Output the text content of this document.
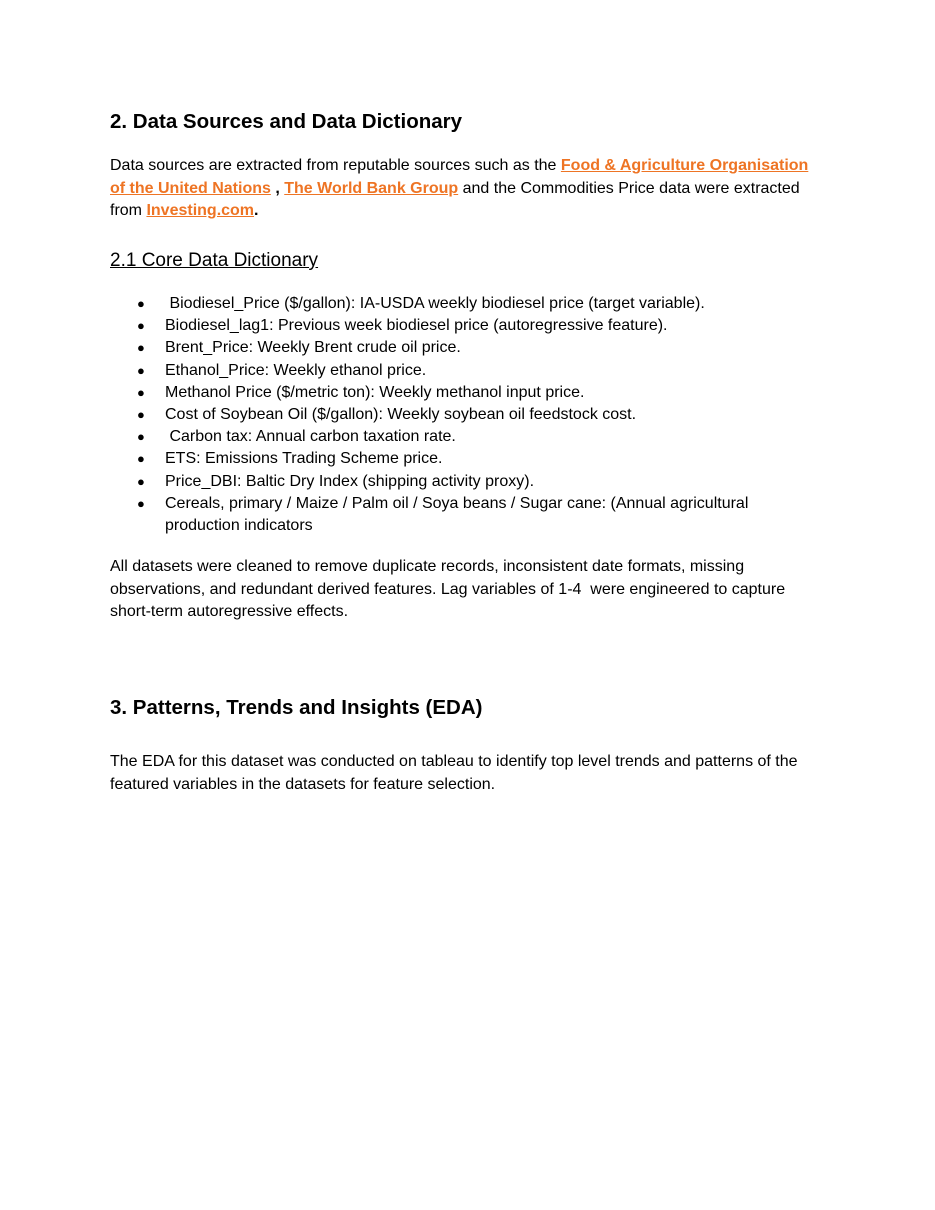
2. Data Sources and Data Dictionary

Data sources are extracted from reputable sources such as the Food & Agriculture Organisation of the United Nations , The World Bank Group and the Commodities Price data were extracted from Investing.com.

2.1 Core Data Dictionary
● Biodiesel_Price ($/gallon): IA-USDA weekly biodiesel price (target variable).
● Biodiesel_lag1: Previous week biodiesel price (autoregressive feature).
● Brent_Price: Weekly Brent crude oil price.
● Ethanol_Price: Weekly ethanol price.
● Methanol Price ($/metric ton): Weekly methanol input price.
● Cost of Soybean Oil ($/gallon): Weekly soybean oil feedstock cost.
● Carbon tax: Annual carbon taxation rate.
● ETS: Emissions Trading Scheme price.
● Price_DBI: Baltic Dry Index (shipping activity proxy).
● Cereals, primary / Maize / Palm oil / Soya beans / Sugar cane: (Annual agricultural production indicators

All datasets were cleaned to remove duplicate records, inconsistent date formats, missing observations, and redundant derived features. Lag variables of 1-4  were engineered to capture short-term autoregressive effects.

3. Patterns, Trends and Insights (EDA)

The EDA for this dataset was conducted on tableau to identify top level trends and patterns of the featured variables in the datasets for feature selection.
